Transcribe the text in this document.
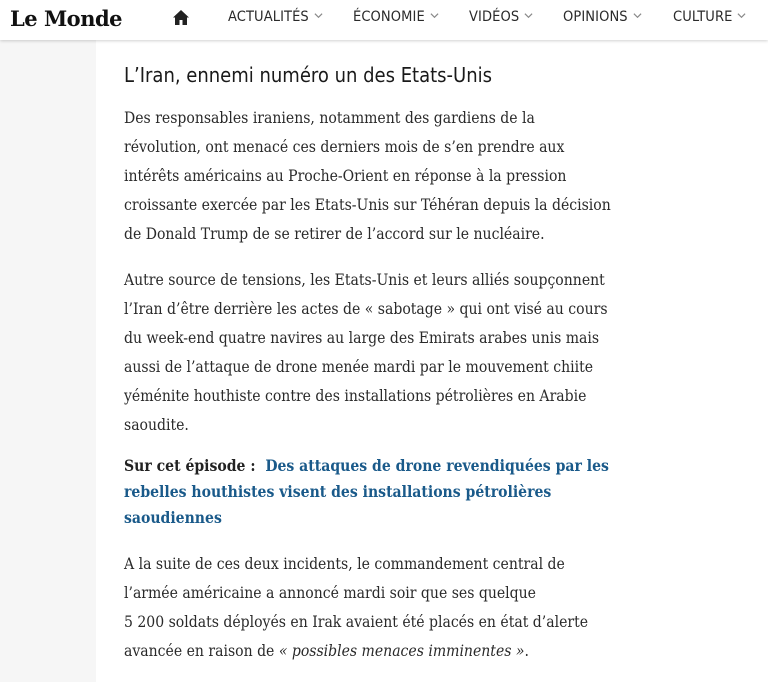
Le Monde	ACTUALITÉS	ÉCONOMIE	VIDÉOS	OPINIONS	CULTURE
L’Iran, ennemi numéro un des Etats-Unis
Des responsables iraniens, notamment des gardiens de la
révolution, ont menacé ces derniers mois de s’en prendre aux
intérêts américains au Proche-Orient en réponse à la pression
croissante exercée par les Etats-Unis sur Téhéran depuis la décision
de Donald Trump de se retirer de l’accord sur le nucléaire.
Autre source de tensions, les Etats-Unis et leurs alliés soupçonnent
l’Iran d’être derrière les actes de « sabotage » qui ont visé au cours
du week-end quatre navires au large des Emirats arabes unis mais
aussi de l’attaque de drone menée mardi par le mouvement chiite
yéménite houthiste contre des installations pétrolières en Arabie
saoudite.
Sur cet épisode : Des attaques de drone revendiquées par les
rebelles houthistes visent des installations pétrolières
saoudiennes
A la suite de ces deux incidents, le commandement central de
l’armée américaine a annoncé mardi soir que ses quelque
5 200 soldats déployés en Irak avaient été placés en état d’alerte
avancée en raison de « possibles menaces imminentes ».
